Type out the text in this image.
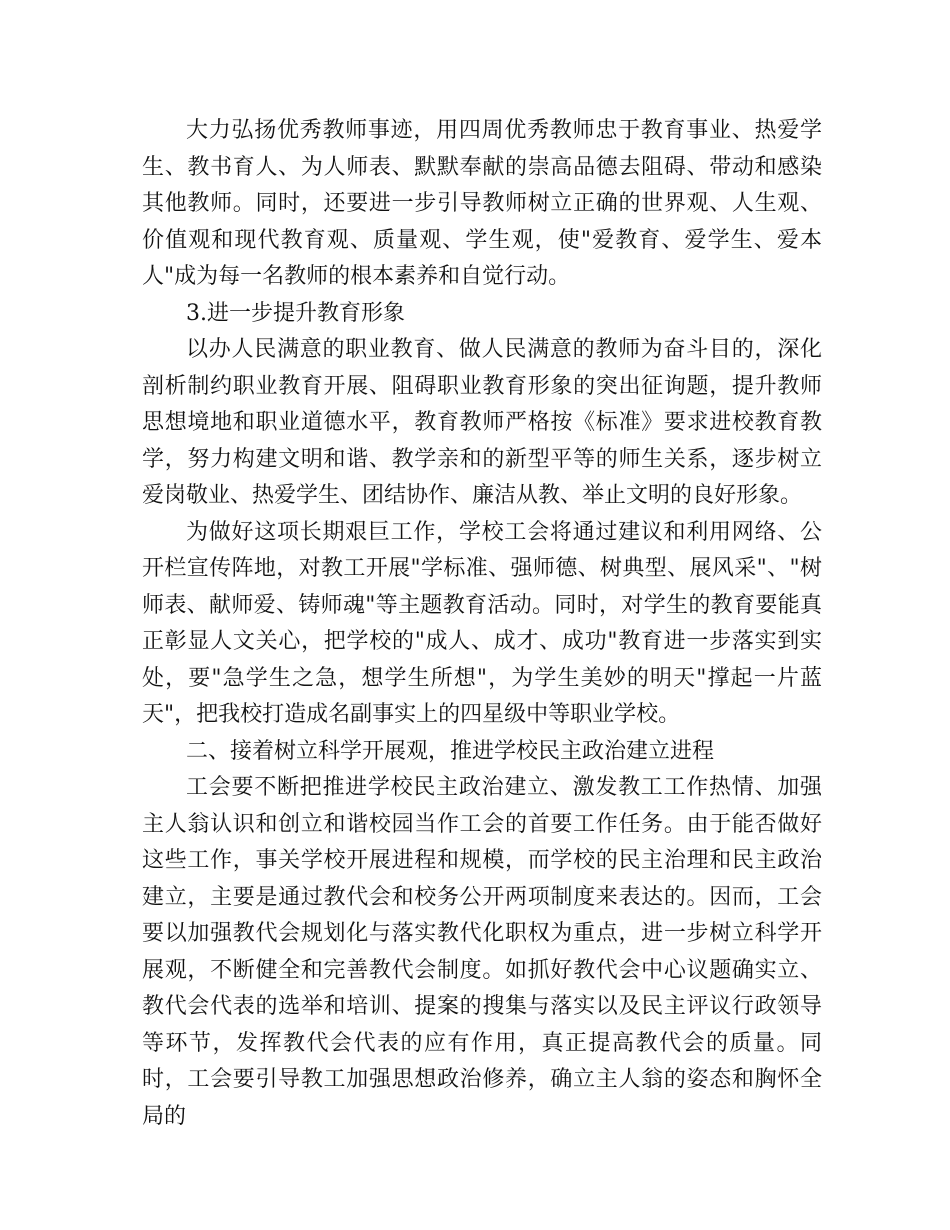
大力弘扬优秀教师事迹，用四周优秀教师忠于教育事业、热爱学生、教书育人、为人师表、默默奉献的崇高品德去阻碍、带动和感染其他教师。同时，还要进一步引导教师树立正确的世界观、人生观、价值观和现代教育观、质量观、学生观，使"爱教育、爱学生、爱本人"成为每一名教师的根本素养和自觉行动。

3.进一步提升教育形象

以办人民满意的职业教育、做人民满意的教师为奋斗目的，深化剖析制约职业教育开展、阻碍职业教育形象的突出征询题，提升教师思想境地和职业道德水平，教育教师严格按《标准》要求进校教育教学，努力构建文明和谐、教学亲和的新型平等的师生关系，逐步树立爱岗敬业、热爱学生、团结协作、廉洁从教、举止文明的良好形象。

为做好这项长期艰巨工作，学校工会将通过建议和利用网络、公开栏宣传阵地，对教工开展"学标准、强师德、树典型、展风采"、"树师表、献师爱、铸师魂"等主题教育活动。同时，对学生的教育要能真正彰显人文关心，把学校的"成人、成才、成功"教育进一步落实到实处，要"急学生之急，想学生所想"，为学生美妙的明天"撑起一片蓝天"，把我校打造成名副事实上的四星级中等职业学校。

二、接着树立科学开展观，推进学校民主政治建立进程

工会要不断把推进学校民主政治建立、激发教工工作热情、加强主人翁认识和创立和谐校园当作工会的首要工作任务。由于能否做好这些工作，事关学校开展进程和规模，而学校的民主治理和民主政治建立，主要是通过教代会和校务公开两项制度来表达的。因而，工会要以加强教代会规划化与落实教代化职权为重点，进一步树立科学开展观，不断健全和完善教代会制度。如抓好教代会中心议题确实立、教代会代表的选举和培训、提案的搜集与落实以及民主评议行政领导等环节，发挥教代会代表的应有作用，真正提高教代会的质量。同时，工会要引导教工加强思想政治修养，确立主人翁的姿态和胸怀全局的
